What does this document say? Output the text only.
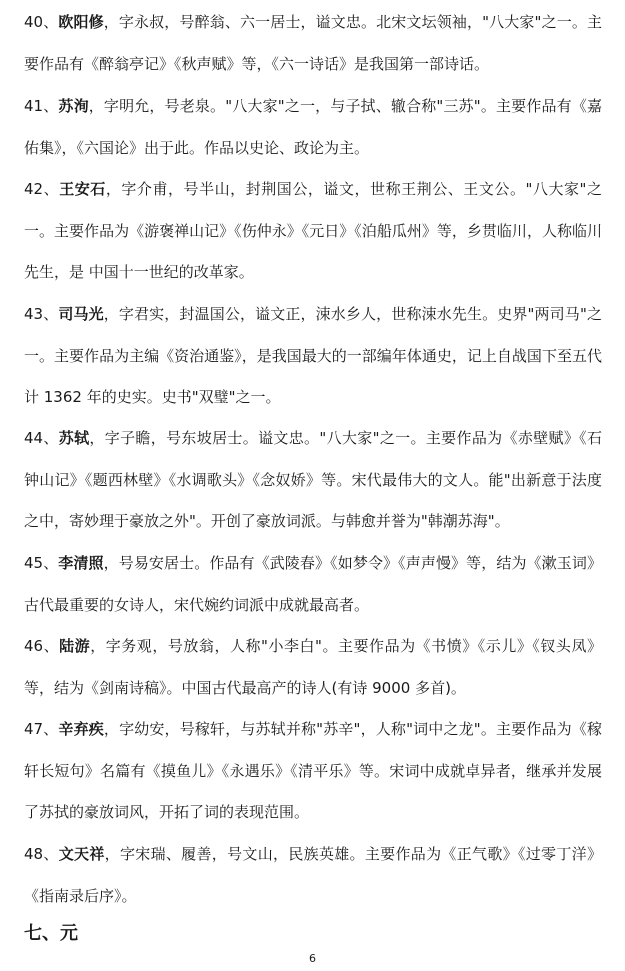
40、欧阳修，字永叔，号醉翁、六一居士，谥文忠。北宋文坛领袖，"八大家"之一。主要作品有《醉翁亭记》《秋声赋》等，《六一诗话》是我国第一部诗话。
41、苏洵，字明允，号老泉。"八大家"之一，与子拭、辙合称"三苏"。主要作品有《嘉佑集》，《六国论》出于此。作品以史论、政论为主。
42、王安石，字介甫，号半山，封荆国公，谥文，世称王荆公、王文公。"八大家"之一。主要作品为《游褒禅山记》《伤仲永》《元日》《泊船瓜州》等，乡贯临川，人称临川先生，是 中国十一世纪的改革家。
43、司马光，字君实，封温国公，谥文正，涑水乡人，世称涑水先生。史界"两司马"之一。主要作品为主编《资治通鉴》，是我国最大的一部编年体通史，记上自战国下至五代计 1362 年的史实。史书"双璧"之一。
44、苏轼，字子瞻，号东坡居士。谥文忠。"八大家"之一。主要作品为《赤壁赋》《石钟山记》《题西林壁》《水调歌头》《念奴娇》等。宋代最伟大的文人。能"出新意于法度之中，寄妙理于豪放之外"。开创了豪放词派。与韩愈并誉为"韩潮苏海"。
45、李清照，号易安居士。作品有《武陵春》《如梦令》《声声慢》等，结为《漱玉词》古代最重要的女诗人，宋代婉约词派中成就最高者。
46、陆游，字务观，号放翁，人称"小李白"。主要作品为《书愤》《示儿》《钗头凤》等，结为《剑南诗稿》。中国古代最高产的诗人(有诗 9000 多首)。
47、辛弃疾，字幼安，号稼轩，与苏轼并称"苏辛"，人称"词中之龙"。主要作品为《稼轩长短句》名篇有《摸鱼儿》《永遇乐》《清平乐》等。宋词中成就卓异者，继承并发展了苏拭的豪放词风，开拓了词的表现范围。
48、文天祥，字宋瑞、履善，号文山，民族英雄。主要作品为《正气歌》《过零丁洋》《指南录后序》。
七、元
6
